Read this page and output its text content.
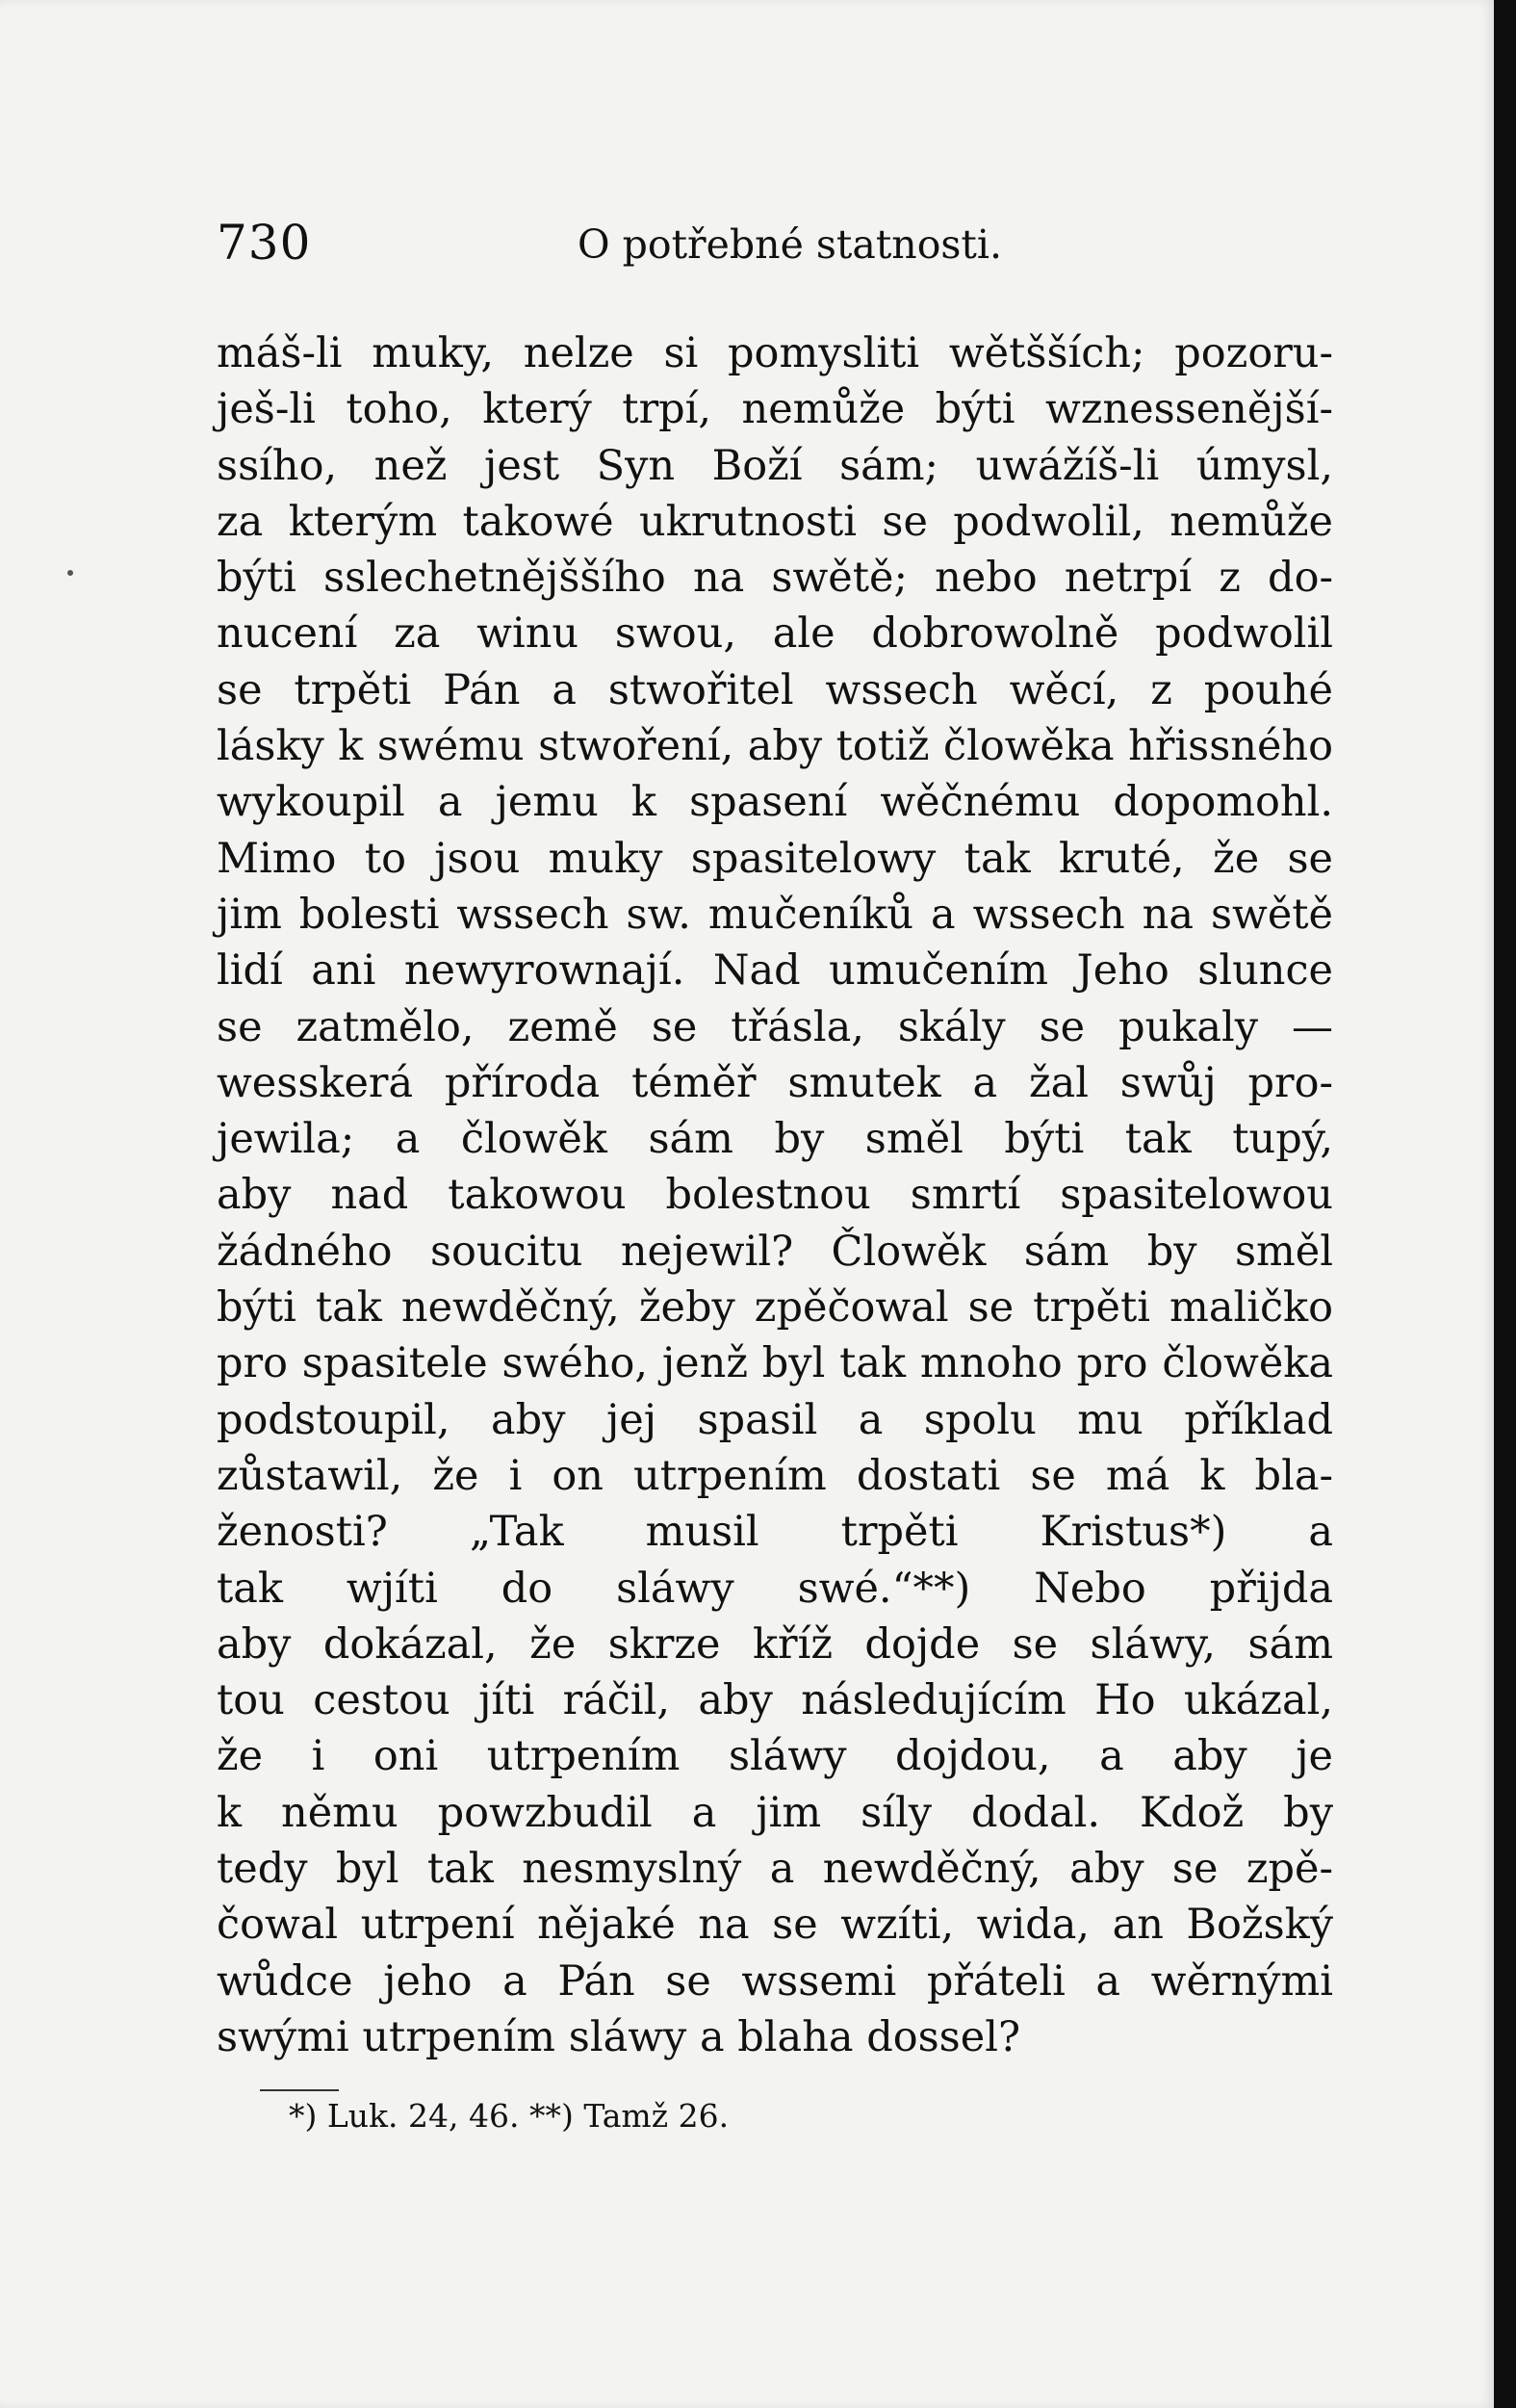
730	O potřebné statnosti.
máš-li muky, nelze si pomysliti wětšších; pozoru-
ješ-li toho, který trpí, nemůže býti wznessenější-
ssího, než jest Syn Boží sám; uwážíš-li úmysl,
za kterým takowé ukrutnosti se podwolil, nemůže
býti sslechetnějššího na swětě; nebo netrpí z do-
nucení za winu swou, ale dobrowolně podwolil
se trpěti Pán a stwořitel wssech wěcí, z pouhé
lásky k swému stwoření, aby totiž člowěka hřissného
wykoupil a jemu k spasení wěčnému dopomohl.
Mimo to jsou muky spasitelowy tak kruté, že se
jim bolesti wssech sw. mučeníků a wssech na swětě
lidí ani newyrownají. Nad umučením Jeho slunce
se zatmělo, země se třásla, skály se pukaly —
wesskerá příroda téměř smutek a žal swůj pro-
jewila; a člowěk sám by směl býti tak tupý,
aby nad takowou bolestnou smrtí spasitelowou
žádného soucitu nejewil? Člowěk sám by směl
býti tak newděčný, žeby zpěčowal se trpěti maličko
pro spasitele swého, jenž byl tak mnoho pro člowěka
podstoupil, aby jej spasil a spolu mu příklad
zůstawil, že i on utrpením dostati se má k bla-
ženosti? „Tak musil trpěti Kristus*) a
tak wjíti do sláwy swé.“**) Nebo přijda
aby dokázal, že skrze kříž dojde se sláwy, sám
tou cestou jíti ráčil, aby následujícím Ho ukázal,
že i oni utrpením sláwy dojdou, a aby je
k němu powzbudil a jim síly dodal. Kdož by
tedy byl tak nesmyslný a newděčný, aby se zpě-
čowal utrpení nějaké na se wzíti, wida, an Božský
wůdce jeho a Pán se wssemi přáteli a wěrnými
swými utrpením sláwy a blaha dossel?
*) Luk. 24, 46. **) Tamž 26.
